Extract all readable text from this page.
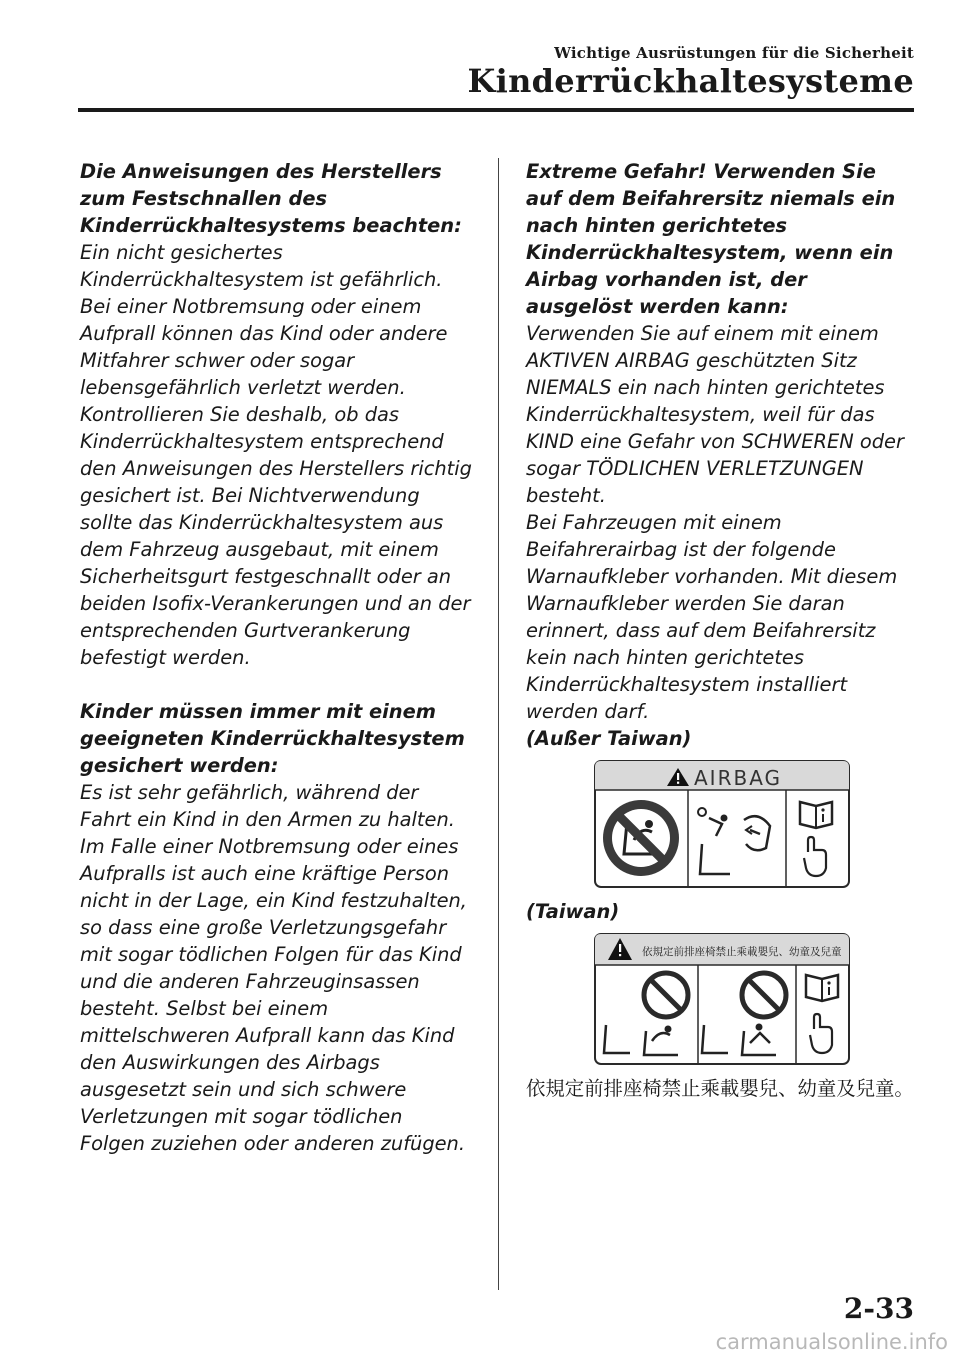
Wichtige Ausrüstungen für die Sicherheit
Kinderrückhaltesysteme

Die Anweisungen des Herstellers zum Festschnallen des Kinderrückhaltesystems beachten:

Ein nicht gesichertes Kinderrückhaltesystem ist gefährlich. Bei einer Notbremsung oder einem Aufprall können das Kind oder andere Mitfahrer schwer oder sogar lebensgefährlich verletzt werden. Kontrollieren Sie deshalb, ob das Kinderrückhaltesystem entsprechend den Anweisungen des Herstellers richtig gesichert ist. Bei Nichtverwendung sollte das Kinderrückhaltesystem aus dem Fahrzeug ausgebaut, mit einem Sicherheitsgurt festgeschnallt oder an beiden Isofix-Verankerungen und an der entsprechenden Gurtverankerung befestigt werden.

Kinder müssen immer mit einem geeigneten Kinderrückhaltesystem gesichert werden:

Es ist sehr gefährlich, während der Fahrt ein Kind in den Armen zu halten. Im Falle einer Notbremsung oder eines Aufpralls ist auch eine kräftige Person nicht in der Lage, ein Kind festzuhalten, so dass eine große Verletzungsgefahr mit sogar tödlichen Folgen für das Kind und die anderen Fahrzeuginsassen besteht. Selbst bei einem mittelschweren Aufprall kann das Kind den Auswirkungen des Airbags ausgesetzt sein und sich schwere Verletzungen mit sogar tödlichen Folgen zuziehen oder anderen zufügen.

Extreme Gefahr! Verwenden Sie auf dem Beifahrersitz niemals ein nach hinten gerichtetes Kinderrückhaltesystem, wenn ein Airbag vorhanden ist, der ausgelöst werden kann:

Verwenden Sie auf einem mit einem AKTIVEN AIRBAG geschützten Sitz NIEMALS ein nach hinten gerichtetes Kinderrückhaltesystem, weil für das KIND eine Gefahr von SCHWEREN oder sogar TÖDLICHEN VERLETZUNGEN besteht.

Bei Fahrzeugen mit einem Beifahrerairbag ist der folgende Warnaufkleber vorhanden. Mit diesem Warnaufkleber werden Sie daran erinnert, dass auf dem Beifahrersitz kein nach hinten gerichtetes Kinderrückhaltesystem installiert werden darf.

(Außer Taiwan)

AIRBAG

(Taiwan)

依規定前排座椅禁止乘載嬰兒、幼童及兒童

依規定前排座椅禁止乘載嬰兒、幼童及兒童。

2-33
carmanualsonline.info
